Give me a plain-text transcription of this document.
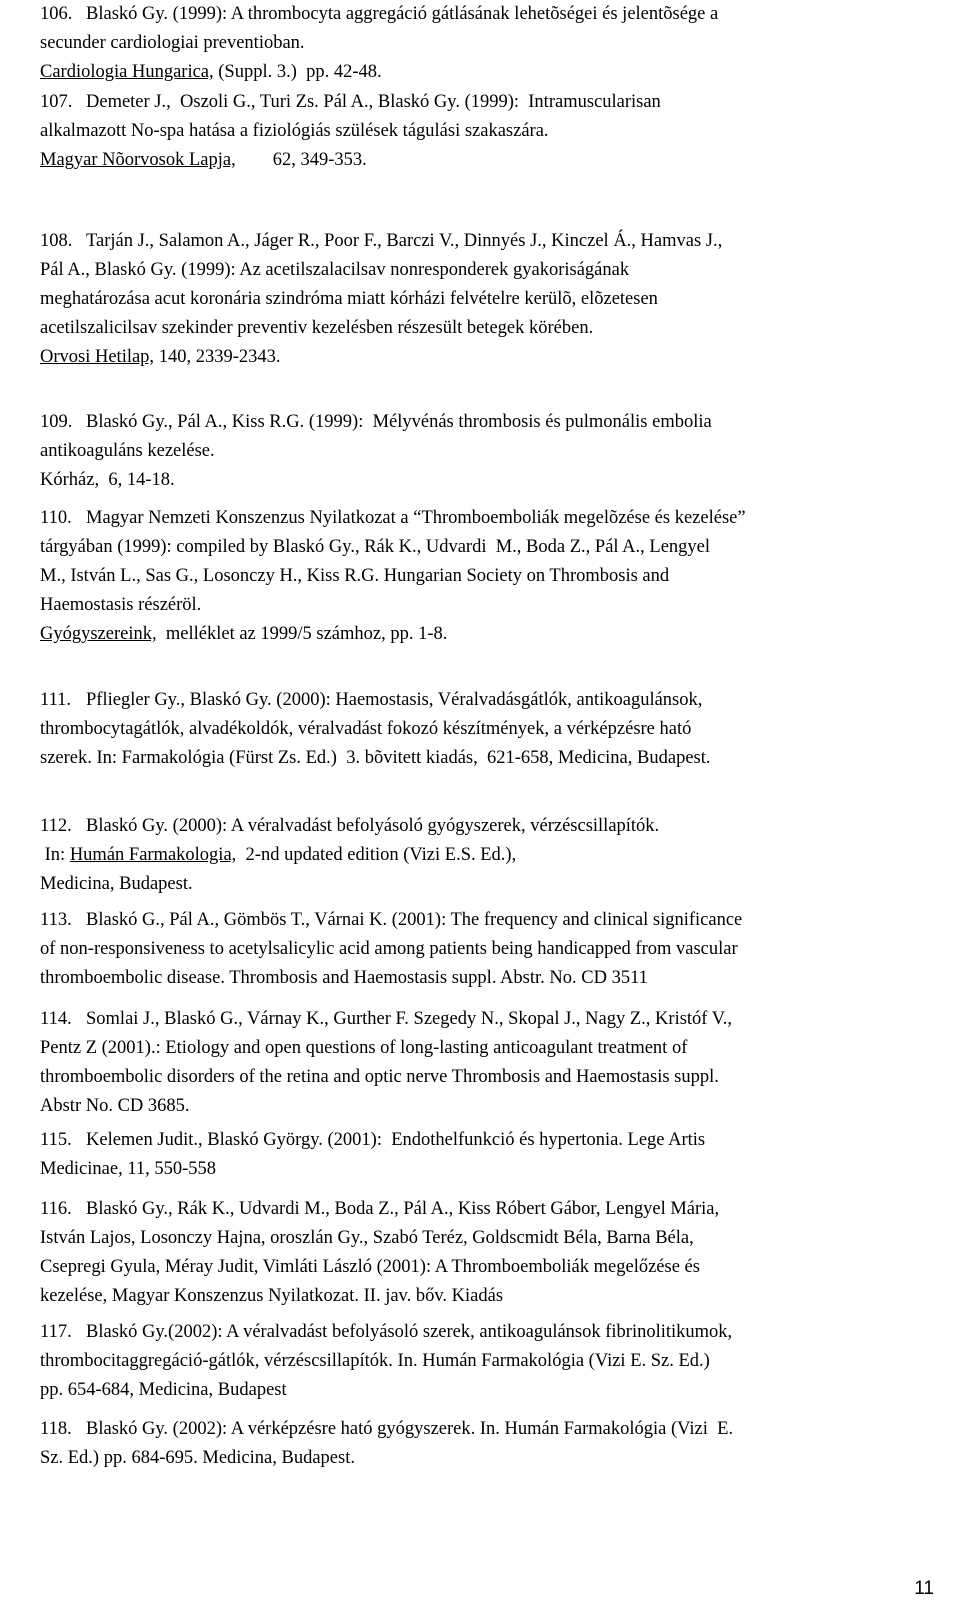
106. Blaskó Gy. (1999): A thrombocyta aggregáció gátlásának lehetõségei és jelentõsége a
secunder cardiologiai preventioban.
Cardiologia Hungarica, (Suppl. 3.)  pp. 42-48.
107. Demeter J.,  Oszoli G., Turi Zs. Pál A., Blaskó Gy. (1999):  Intramuscularisan
alkalmazott No-spa hatása a fiziológiás szülések tágulási szakaszára.
Magyar Nõorvosok Lapja,        62, 349-353.
108. Tarján J., Salamon A., Jáger R., Poor F., Barczi V., Dinnyés J., Kinczel Á., Hamvas J.,
Pál A., Blaskó Gy. (1999): Az acetilszalacilsav nonresponderek gyakoriságának
meghatározása acut koronária szindróma miatt kórházi felvételre kerülõ, elõzetesen
acetilszalicilsav szekinder preventiv kezelésben részesült betegek körében.
Orvosi Hetilap, 140, 2339-2343.
109. Blaskó Gy., Pál A., Kiss R.G. (1999):  Mélyvénás thrombosis és pulmonális embolia
antikoaguláns kezelése.
Kórház,  6, 14-18.
110. Magyar Nemzeti Konszenzus Nyilatkozat a “Thromboemboliák megelõzése és kezelése”
tárgyában (1999): compiled by Blaskó Gy., Rák K., Udvardi  M., Boda Z., Pál A., Lengyel
M., István L., Sas G., Losonczy H., Kiss R.G. Hungarian Society on Thrombosis and
Haemostasis részéröl.
Gyógyszereink,  melléklet az 1999/5 számhoz, pp. 1-8.
111. Pfliegler Gy., Blaskó Gy. (2000): Haemostasis, Véralvadásgátlók, antikoagulánsok,
thrombocytagátlók, alvadékoldók, véralvadást fokozó készítmények, a vérképzésre ható
szerek. In: Farmakológia (Fürst Zs. Ed.)  3. bõvitett kiadás,  621-658, Medicina, Budapest.
112. Blaskó Gy. (2000): A véralvadást befolyásoló gyógyszerek, vérzéscsillapítók.
In: Humán Farmakologia,  2-nd updated edition (Vizi E.S. Ed.),
Medicina, Budapest.
113. Blaskó G., Pál A., Gömbös T., Várnai K. (2001): The frequency and clinical significance
of non-responsiveness to acetylsalicylic acid among patients being handicapped from vascular
thromboembolic disease. Thrombosis and Haemostasis suppl. Abstr. No. CD 3511
114. Somlai J., Blaskó G., Várnay K., Gurther F. Szegedy N., Skopal J., Nagy Z., Kristóf V.,
Pentz Z (2001).: Etiology and open questions of long-lasting anticoagulant treatment of
thromboembolic disorders of the retina and optic nerve Thrombosis and Haemostasis suppl.
Abstr No. CD 3685.
115. Kelemen Judit., Blaskó György. (2001):  Endothelfunkció és hypertonia. Lege Artis
Medicinae, 11, 550-558
116. Blaskó Gy., Rák K., Udvardi M., Boda Z., Pál A., Kiss Róbert Gábor, Lengyel Mária,
István Lajos, Losonczy Hajna, oroszlán Gy., Szabó Teréz, Goldscmidt Béla, Barna Béla,
Csepregi Gyula, Méray Judit, Vimláti László (2001): A Thromboemboliák megelőzése és
kezelése, Magyar Konszenzus Nyilatkozat. II. jav. bőv. Kiadás
117. Blaskó Gy.(2002): A véralvadást befolyásoló szerek, antikoagulánsok fibrinolitikumok,
thrombocitaggregáció-gátlók, vérzéscsillapítók. In. Humán Farmakológia (Vizi E. Sz. Ed.)
pp. 654-684, Medicina, Budapest
118. Blaskó Gy. (2002): A vérképzésre ható gyógyszerek. In. Humán Farmakológia (Vizi  E.
Sz. Ed.) pp. 684-695. Medicina, Budapest.
11
